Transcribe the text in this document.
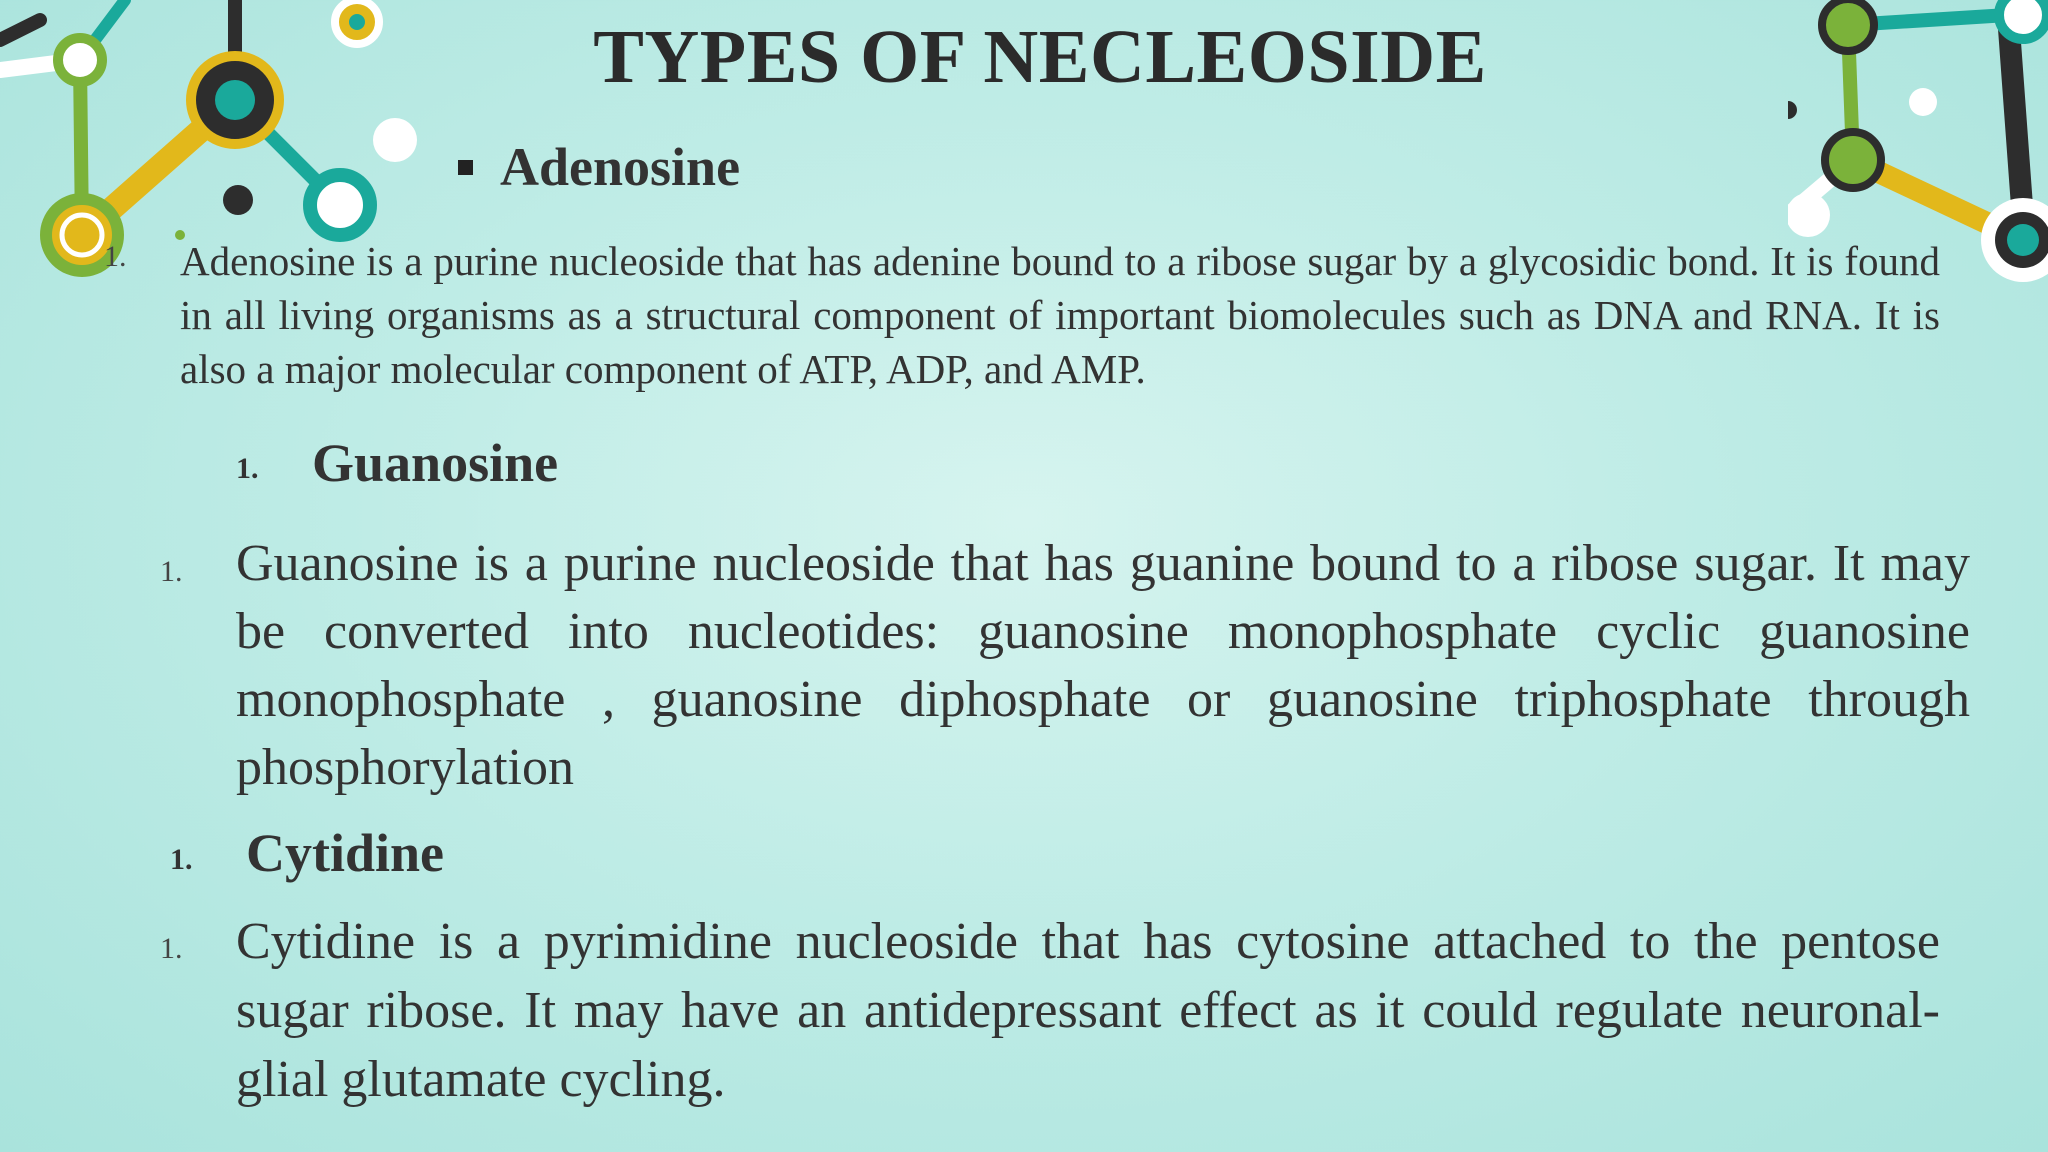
TYPES OF NECLEOSIDE
Adenosine
1. Adenosine is a purine nucleoside that has adenine bound to a ribose sugar by a glycosidic bond. It is found in all living organisms as a structural component of important biomolecules such as DNA and RNA. It is also a major molecular component of ATP, ADP, and AMP.
1. Guanosine
1. Guanosine is a purine nucleoside that has guanine bound to a ribose sugar. It may be converted into nucleotides: guanosine monophosphate cyclic guanosine monophosphate , guanosine diphosphate or guanosine triphosphate through phosphorylation
1. Cytidine
1. Cytidine is a pyrimidine nucleoside that has cytosine attached to the pentose sugar ribose. It may have an antidepressant effect as it could regulate neuronal-glial glutamate cycling.
